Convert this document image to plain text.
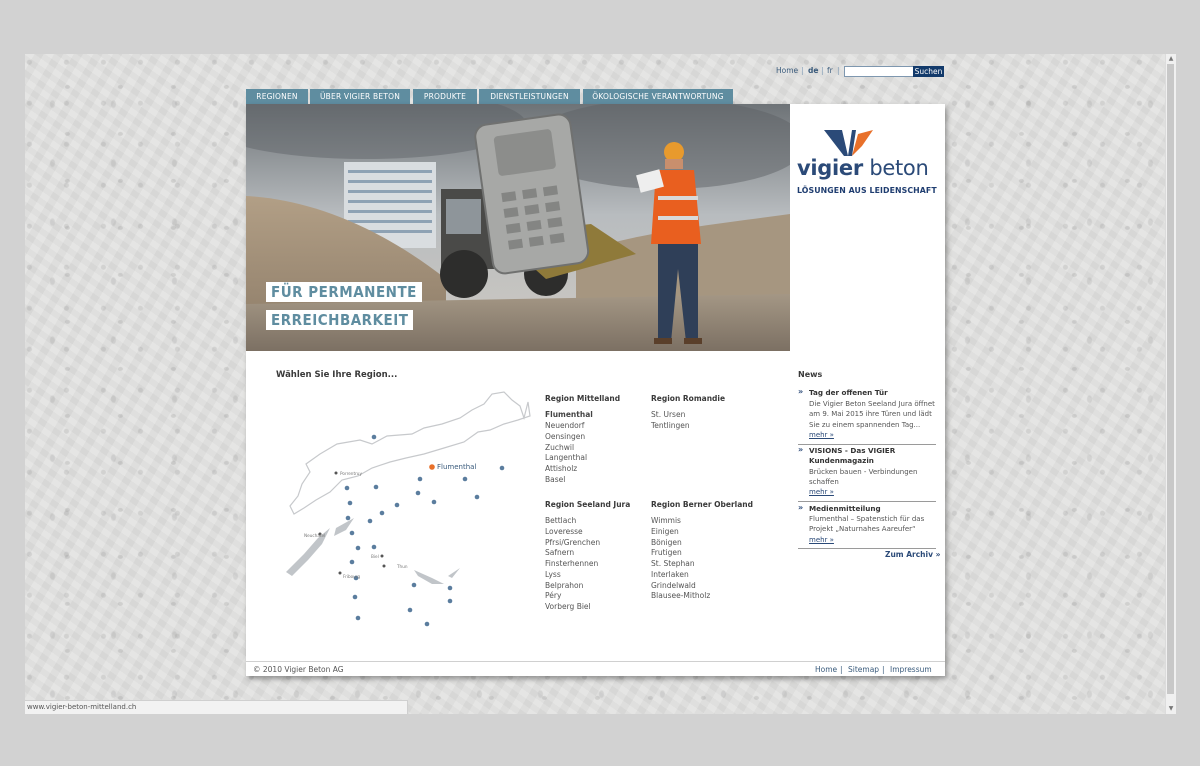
▲
▼
Home | de | fr |	Suchen
REGIONEN	ÜBER VIGIER BETON	PRODUKTE	DIENSTLEISTUNGEN	ÖKOLOGISCHE VERANTWORTUNG
FÜR PERMANENTE
ERREICHBARKEIT
vigier beton
LÖSUNGEN AUS LEIDENSCHAFT
Wählen Sie Ihre Region...
Flumenthal
Porrentruy
Neuchâtel
Biel
Fribourg
Thun
Region Mittelland
Flumenthal
Neuendorf
Oensingen
Zuchwil
Langenthal
Attisholz
Basel
Region Romandie
St. Ursen
Tentlingen
Region Seeland Jura
Bettlach
Loveresse
Pfrsi/Grenchen
Safnern
Finsterhennen
Lyss
Belprahon
Péry
Vorberg Biel
Region Berner Oberland
Wimmis
Einigen
Bönigen
Frutigen
St. Stephan
Interlaken
Grindelwald
Blausee-Mitholz
News
» Tag der offenen Tür
Die Vigier Beton Seeland Jura öffnet
am 9. Mai 2015 ihre Türen und lädt
Sie zu einem spannenden Tag...
mehr »
» VISIONS - Das VIGIER Kundenmagazin
Brücken bauen - Verbindungen
schaffen
mehr »
» Medienmitteilung
Flumenthal – Spatenstich für das
Projekt „Naturnahes Aareufer“
mehr »
Zum Archiv »
© 2010 Vigier Beton AG	Home | Sitemap | Impressum
www.vigier-beton-mittelland.ch
